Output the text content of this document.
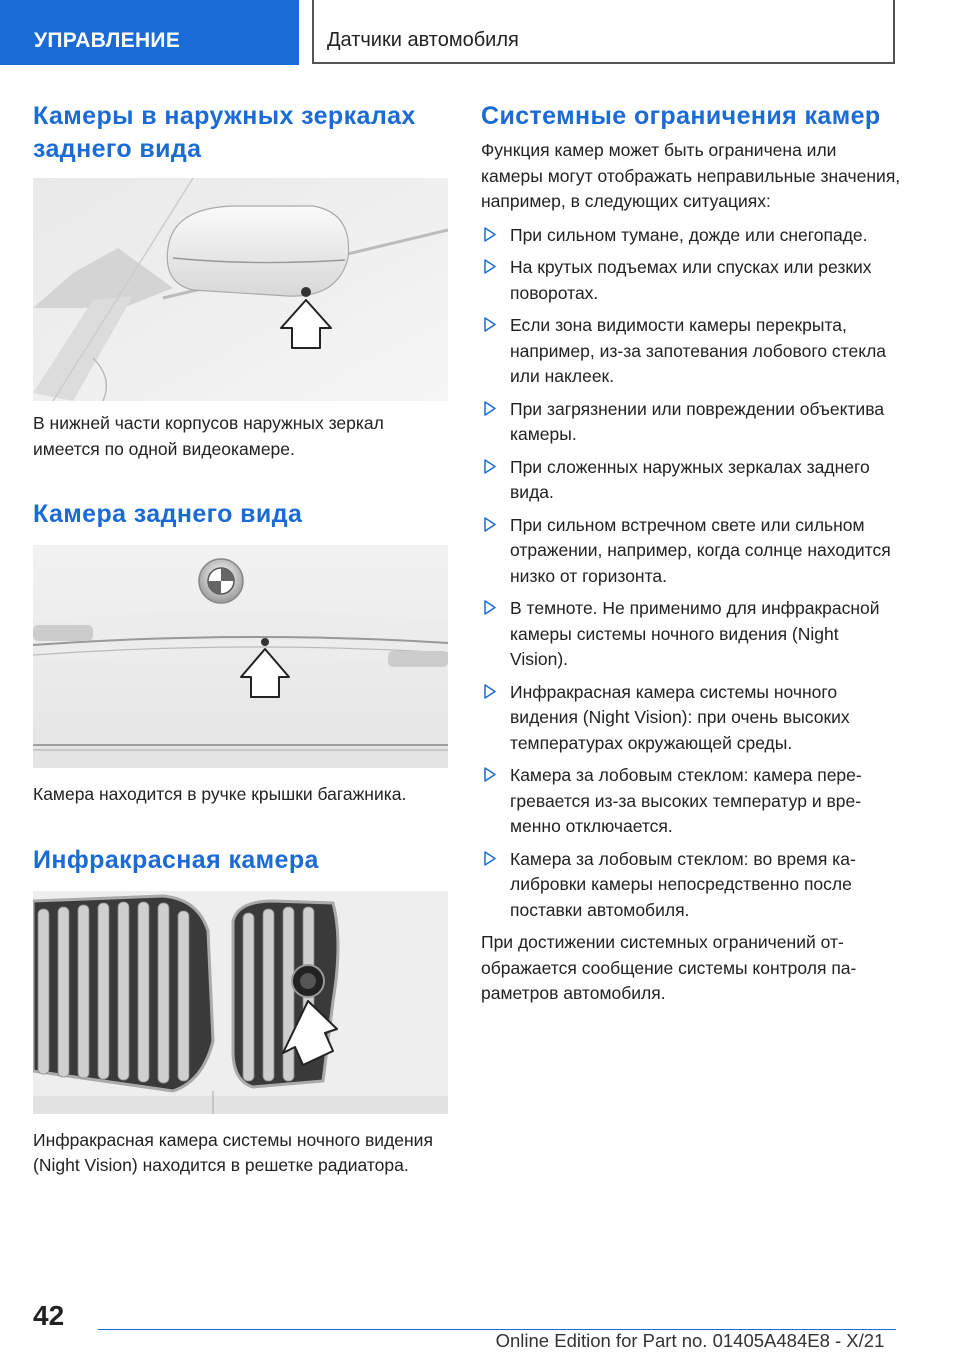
УПРАВЛЕНИЕ	Датчики автомобиля
Камеры в наружных зеркалах заднего вида

В нижней части корпусов наружных зеркал имеется по одной видеокамере.

Камера заднего вида

Камера находится в ручке крышки багажника.

Инфракрасная камера

Инфракрасная камера системы ночного видения (Night Vision) находится в решетке радиатора.

Системные ограничения камер

Функция камер может быть ограничена или камеры могут отображать неправильные значения, например, в следующих ситуациях:

При сильном тумане, дожде или снегопаде.
На крутых подъемах или спусках или резких поворотах.
Если зона видимости камеры перекрыта, например, из-за запотевания лобового стекла или наклеек.
При загрязнении или повреждении объектива камеры.
При сложенных наружных зеркалах заднего вида.
При сильном встречном свете или сильном отражении, например, когда солнце находится низко от горизонта.
В темноте. Не применимо для инфракрасной камеры системы ночного видения (Night Vision).
Инфракрасная камера системы ночного видения (Night Vision): при очень высоких температурах окружающей среды.
Камера за лобовым стеклом: камера перегревается из-за высоких температур и временно отключается.
Камера за лобовым стеклом: во время калибровки камеры непосредственно после поставки автомобиля.

При достижении системных ограничений отображается сообщение системы контроля параметров автомобиля.

42
Online Edition for Part no. 01405A484E8 - X/21
